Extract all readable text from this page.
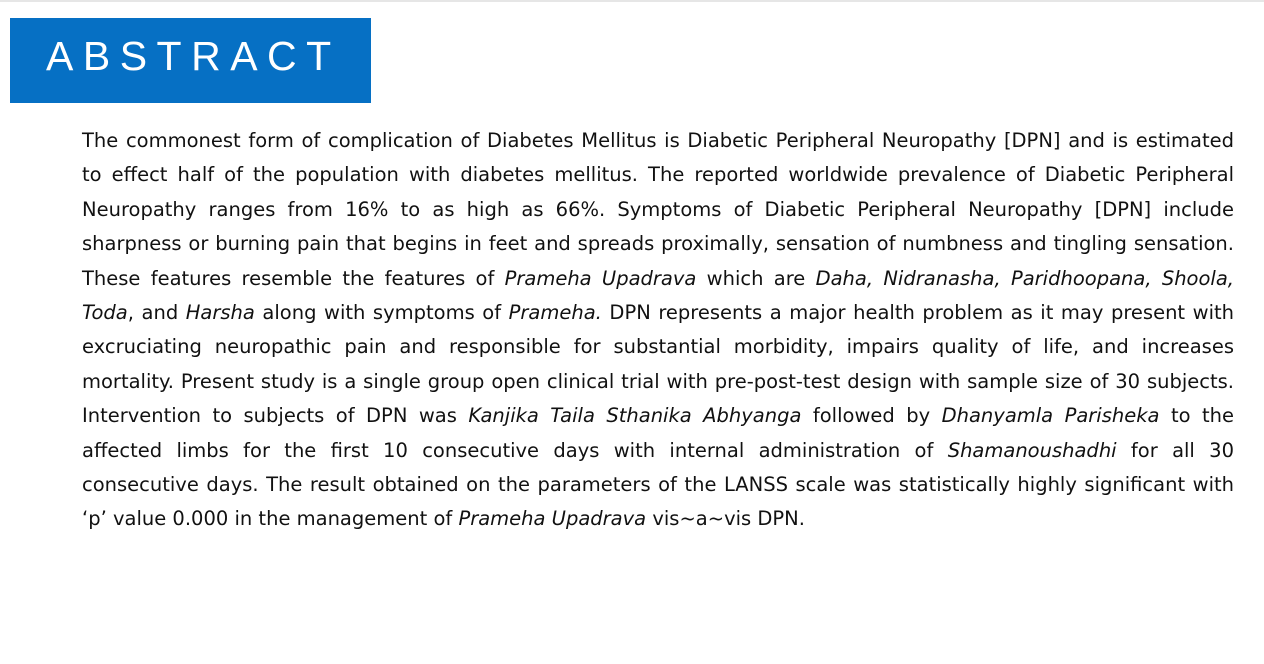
ABSTRACT

The commonest form of complication of Diabetes Mellitus is Diabetic Peripheral Neuropathy [DPN] and is estimated to effect half of the population with diabetes mellitus. The reported worldwide prevalence of Diabetic Peripheral Neuropathy ranges from 16% to as high as 66%. Symptoms of Diabetic Peripheral Neuropathy [DPN] include sharpness or burning pain that begins in feet and spreads proximally, sensation of numbness and tingling sensation. These features resemble the features of Prameha Upadrava which are Daha, Nidranasha, Paridhoopana, Shoola, Toda, and Harsha along with symptoms of Prameha. DPN represents a major health problem as it may present with excruciating neuropathic pain and responsible for substantial morbidity, impairs quality of life, and increases mortality. Present study is a single group open clinical trial with pre-post-test design with sample size of 30 subjects. Intervention to subjects of DPN was Kanjika Taila Sthanika Abhyanga followed by Dhanyamla Parisheka to the affected limbs for the first 10 consecutive days with internal administration of Shamanoushadhi for all 30 consecutive days. The result obtained on the parameters of the LANSS scale was statistically highly significant with ‘p’ value 0.000 in the management of Prameha Upadrava vis~a~vis DPN.
